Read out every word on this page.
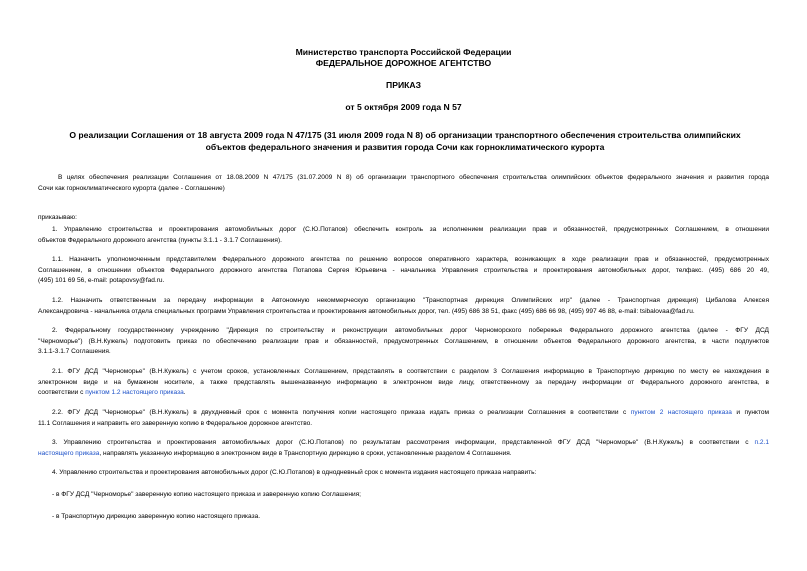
Министерство транспорта Российской Федерации
ФЕДЕРАЛЬНОЕ ДОРОЖНОЕ АГЕНТСТВО
ПРИКАЗ
от 5 октября 2009 года N 57
О реализации Соглашения от 18 августа 2009 года N 47/175 (31 июля 2009 года N 8) об организации транспортного обеспечения строительства олимпийских
объектов федерального значения и развития города Сочи как горноклиматического курорта
В целях обеспечения реализации Соглашения от 18.08.2009 N 47/175 (31.07.2009 N 8) об организации транспортного обеспечения строительства олимпийских объектов федерального значения и развития города
Сочи как горноклиматического курорта (далее - Соглашение)
приказываю:
1. Управлению строительства и проектирования автомобильных дорог (С.Ю.Потапов) обеспечить контроль за исполнением реализации прав и обязанностей, предусмотренных Соглашением, в отношении
объектов Федерального дорожного агентства (пункты 3.1.1 - 3.1.7 Соглашения).
1.1. Назначить уполномоченным представителем Федерального дорожного агентства по решению вопросов оперативного характера, возникающих в ходе реализации прав и обязанностей, предусмотренных
Соглашением, в отношении объектов Федерального дорожного агентства Потапова Сергея Юрьевича - начальника Управления строительства и проектирования автомобильных дорог, телфакс. (495) 686 20 49,
(495) 101 69 56, e-mail: potapovsy@fad.ru.
1.2. Назначить ответственным за передачу информации в Автономную некоммерческую организацию "Транспортная дирекция Олимпийских игр" (далее - Транспортная дирекция) Цибалова Алексея
Александровича - начальника отдела специальных программ Управления строительства и проектирования автомобильных дорог, тел. (495) 686 38 51, факс (495) 686 66 98, (495) 997 46 88, e-mail: tsibalovaa@fad.ru.
2. Федеральному государственному учреждению "Дирекция по строительству и реконструкции автомобильных дорог Черноморского побережья Федерального дорожного агентства (далее - ФГУ ДСД
"Черноморье") (В.Н.Кужель) подготовить приказ по обеспечению реализации прав и обязанностей, предусмотренных Соглашением, в отношении объектов Федерального дорожного агентства, в части подпунктов
3.1.1-3.1.7 Соглашения.
2.1. ФГУ ДСД "Черноморье" (В.Н.Кужель) с учетом сроков, установленных Соглашением, представлять в соответствии с разделом 3 Соглашения информацию в Транспортную дирекцию по месту ее нахождения в
электронном виде и на бумажном носителе, а также представлять вышеназванную информацию в электронном виде лицу, ответственному за передачу информации от Федерального дорожного агентства, в
соответствии с пунктом 1.2 настоящего приказа.
2.2. ФГУ ДСД "Черноморье" (В.Н.Кужель) в двухдневный срок с момента получения копии настоящего приказа издать приказ о реализации Соглашения в соответствии с пунктом 2 настоящего приказа и пунктом
11.1 Соглашения и направить его заверенную копию в Федеральное дорожное агентство.
3. Управлению строительства и проектирования автомобильных дорог (С.Ю.Потапов) по результатам рассмотрения информации, представленной ФГУ ДСД "Черноморье" (В.Н.Кужель) в соответствии с п.2.1
настоящего приказа, направлять указанную информацию в электронном виде в Транспортную дирекцию в сроки, установленные разделом 4 Соглашения.
4. Управлению строительства и проектирования автомобильных дорог (С.Ю.Потапов) в однодневный срок с момента издания настоящего приказа направить:
- в ФГУ ДСД "Черноморье" заверенную копию настоящего приказа и заверенную копию Соглашения;
- в Транспортную дирекцию заверенную копию настоящего приказа.
